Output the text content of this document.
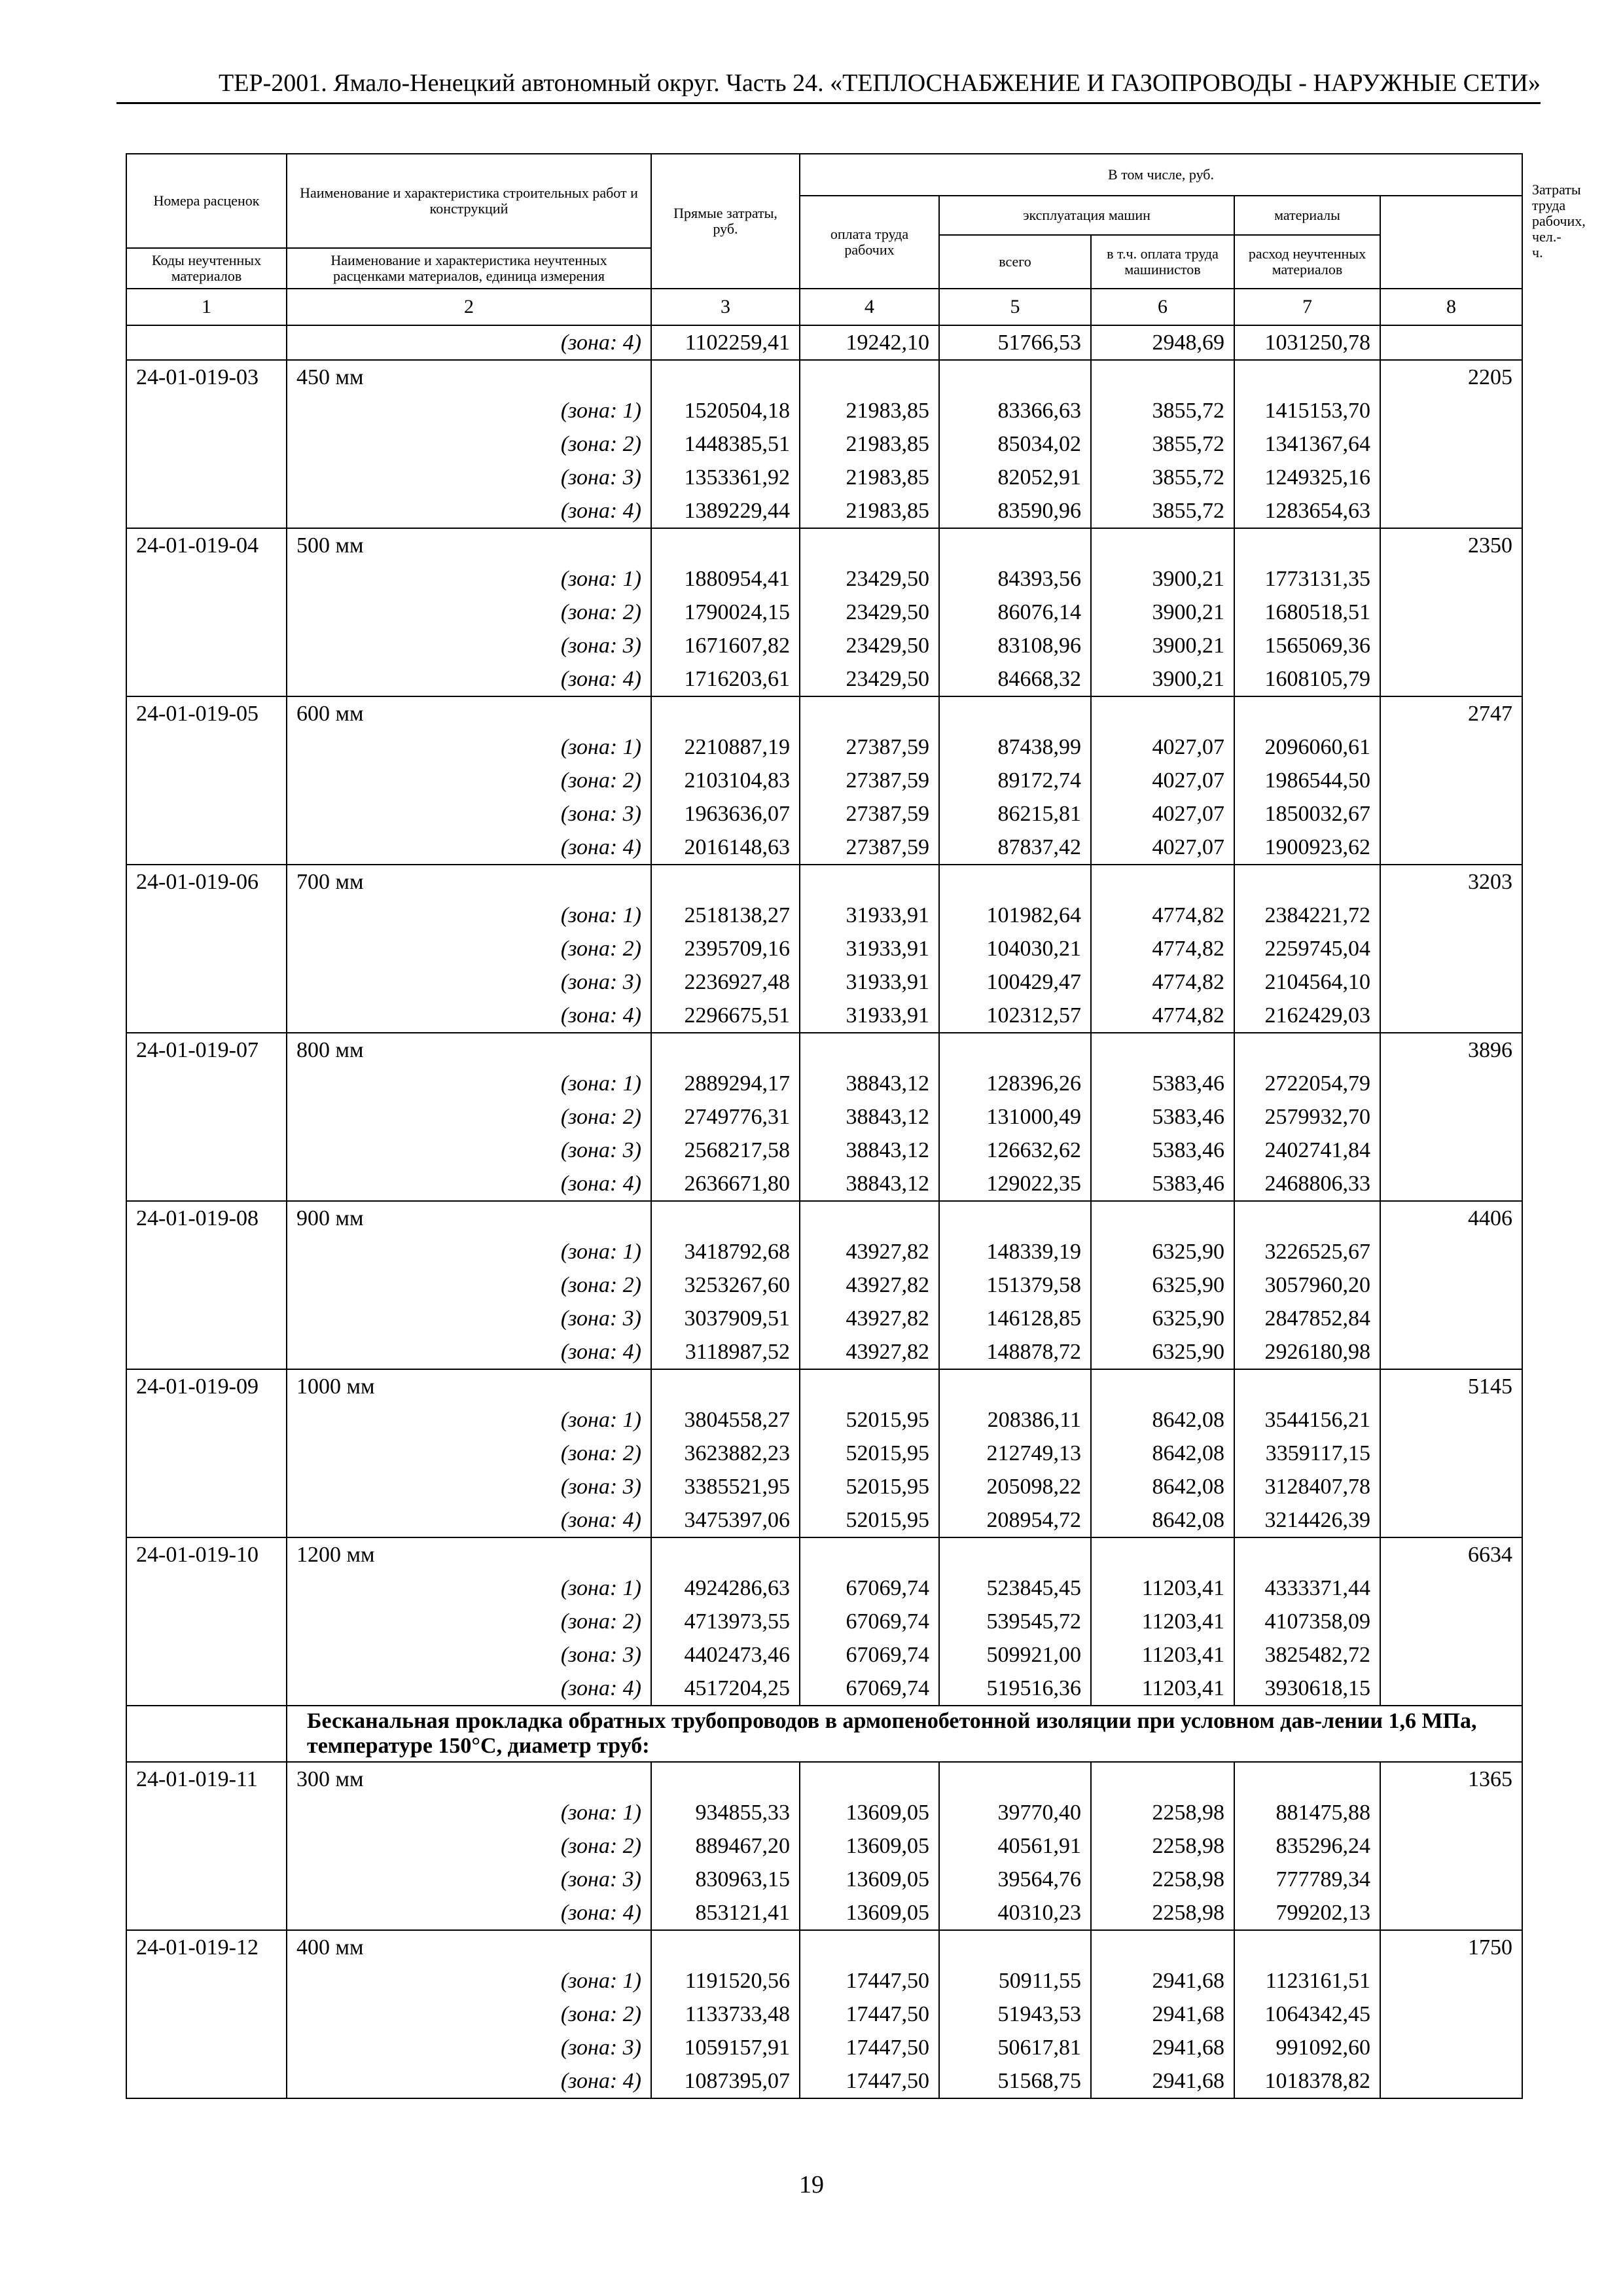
ТЕР-2001. Ямало-Ненецкий автономный округ. Часть 24. «ТЕПЛОСНАБЖЕНИЕ И ГАЗОПРОВОДЫ - НАРУЖНЫЕ СЕТИ»
Номера расценок	Наименование и характеристика строительных работ и конструкций	Прямые затраты, руб.	В том числе, руб.					Затраты труда рабочих, чел.-ч.
			оплата труда рабочих	эксплуатация машин		материалы		
				всего	в т.ч. оплата труда машинистов	расход неучтенных материалов		
Коды неучтенных материалов	Наименование и характеристика неучтенных расценками материалов, единица измерения							
1	2	3	4	5	6	7	8	
	(зона: 4)	1102259,41	19242,10	51766,53	2948,69	1031250,78		
24-01-019-03	450 мм						2205	
	(зона: 1)	1520504,18	21983,85	83366,63	3855,72	1415153,70		
	(зона: 2)	1448385,51	21983,85	85034,02	3855,72	1341367,64		
	(зона: 3)	1353361,92	21983,85	82052,91	3855,72	1249325,16		
	(зона: 4)	1389229,44	21983,85	83590,96	3855,72	1283654,63		
24-01-019-04	500 мм						2350	
	(зона: 1)	1880954,41	23429,50	84393,56	3900,21	1773131,35		
	(зона: 2)	1790024,15	23429,50	86076,14	3900,21	1680518,51		
	(зона: 3)	1671607,82	23429,50	83108,96	3900,21	1565069,36		
	(зона: 4)	1716203,61	23429,50	84668,32	3900,21	1608105,79		
24-01-019-05	600 мм						2747	
	(зона: 1)	2210887,19	27387,59	87438,99	4027,07	2096060,61		
	(зона: 2)	2103104,83	27387,59	89172,74	4027,07	1986544,50		
	(зона: 3)	1963636,07	27387,59	86215,81	4027,07	1850032,67		
	(зона: 4)	2016148,63	27387,59	87837,42	4027,07	1900923,62		
24-01-019-06	700 мм						3203	
	(зона: 1)	2518138,27	31933,91	101982,64	4774,82	2384221,72		
	(зона: 2)	2395709,16	31933,91	104030,21	4774,82	2259745,04		
	(зона: 3)	2236927,48	31933,91	100429,47	4774,82	2104564,10		
	(зона: 4)	2296675,51	31933,91	102312,57	4774,82	2162429,03		
24-01-019-07	800 мм						3896	
	(зона: 1)	2889294,17	38843,12	128396,26	5383,46	2722054,79		
	(зона: 2)	2749776,31	38843,12	131000,49	5383,46	2579932,70		
	(зона: 3)	2568217,58	38843,12	126632,62	5383,46	2402741,84		
	(зона: 4)	2636671,80	38843,12	129022,35	5383,46	2468806,33		
24-01-019-08	900 мм						4406	
	(зона: 1)	3418792,68	43927,82	148339,19	6325,90	3226525,67		
	(зона: 2)	3253267,60	43927,82	151379,58	6325,90	3057960,20		
	(зона: 3)	3037909,51	43927,82	146128,85	6325,90	2847852,84		
	(зона: 4)	3118987,52	43927,82	148878,72	6325,90	2926180,98		
24-01-019-09	1000 мм						5145	
	(зона: 1)	3804558,27	52015,95	208386,11	8642,08	3544156,21		
	(зона: 2)	3623882,23	52015,95	212749,13	8642,08	3359117,15		
	(зона: 3)	3385521,95	52015,95	205098,22	8642,08	3128407,78		
	(зона: 4)	3475397,06	52015,95	208954,72	8642,08	3214426,39		
24-01-019-10	1200 мм						6634	
	(зона: 1)	4924286,63	67069,74	523845,45	11203,41	4333371,44		
	(зона: 2)	4713973,55	67069,74	539545,72	11203,41	4107358,09		
	(зона: 3)	4402473,46	67069,74	509921,00	11203,41	3825482,72		
	(зона: 4)	4517204,25	67069,74	519516,36	11203,41	3930618,15		
	Бесканальная прокладка обратных трубопроводов в армопенобетонной изоляции при условном дав-лении 1,6 МПа, температуре 150°С, диаметр труб:							
24-01-019-11	300 мм						1365	
	(зона: 1)	934855,33	13609,05	39770,40	2258,98	881475,88		
	(зона: 2)	889467,20	13609,05	40561,91	2258,98	835296,24		
	(зона: 3)	830963,15	13609,05	39564,76	2258,98	777789,34		
	(зона: 4)	853121,41	13609,05	40310,23	2258,98	799202,13		
24-01-019-12	400 мм						1750	
	(зона: 1)	1191520,56	17447,50	50911,55	2941,68	1123161,51		
	(зона: 2)	1133733,48	17447,50	51943,53	2941,68	1064342,45		
	(зона: 3)	1059157,91	17447,50	50617,81	2941,68	991092,60		
	(зона: 4)	1087395,07	17447,50	51568,75	2941,68	1018378,82		
19
